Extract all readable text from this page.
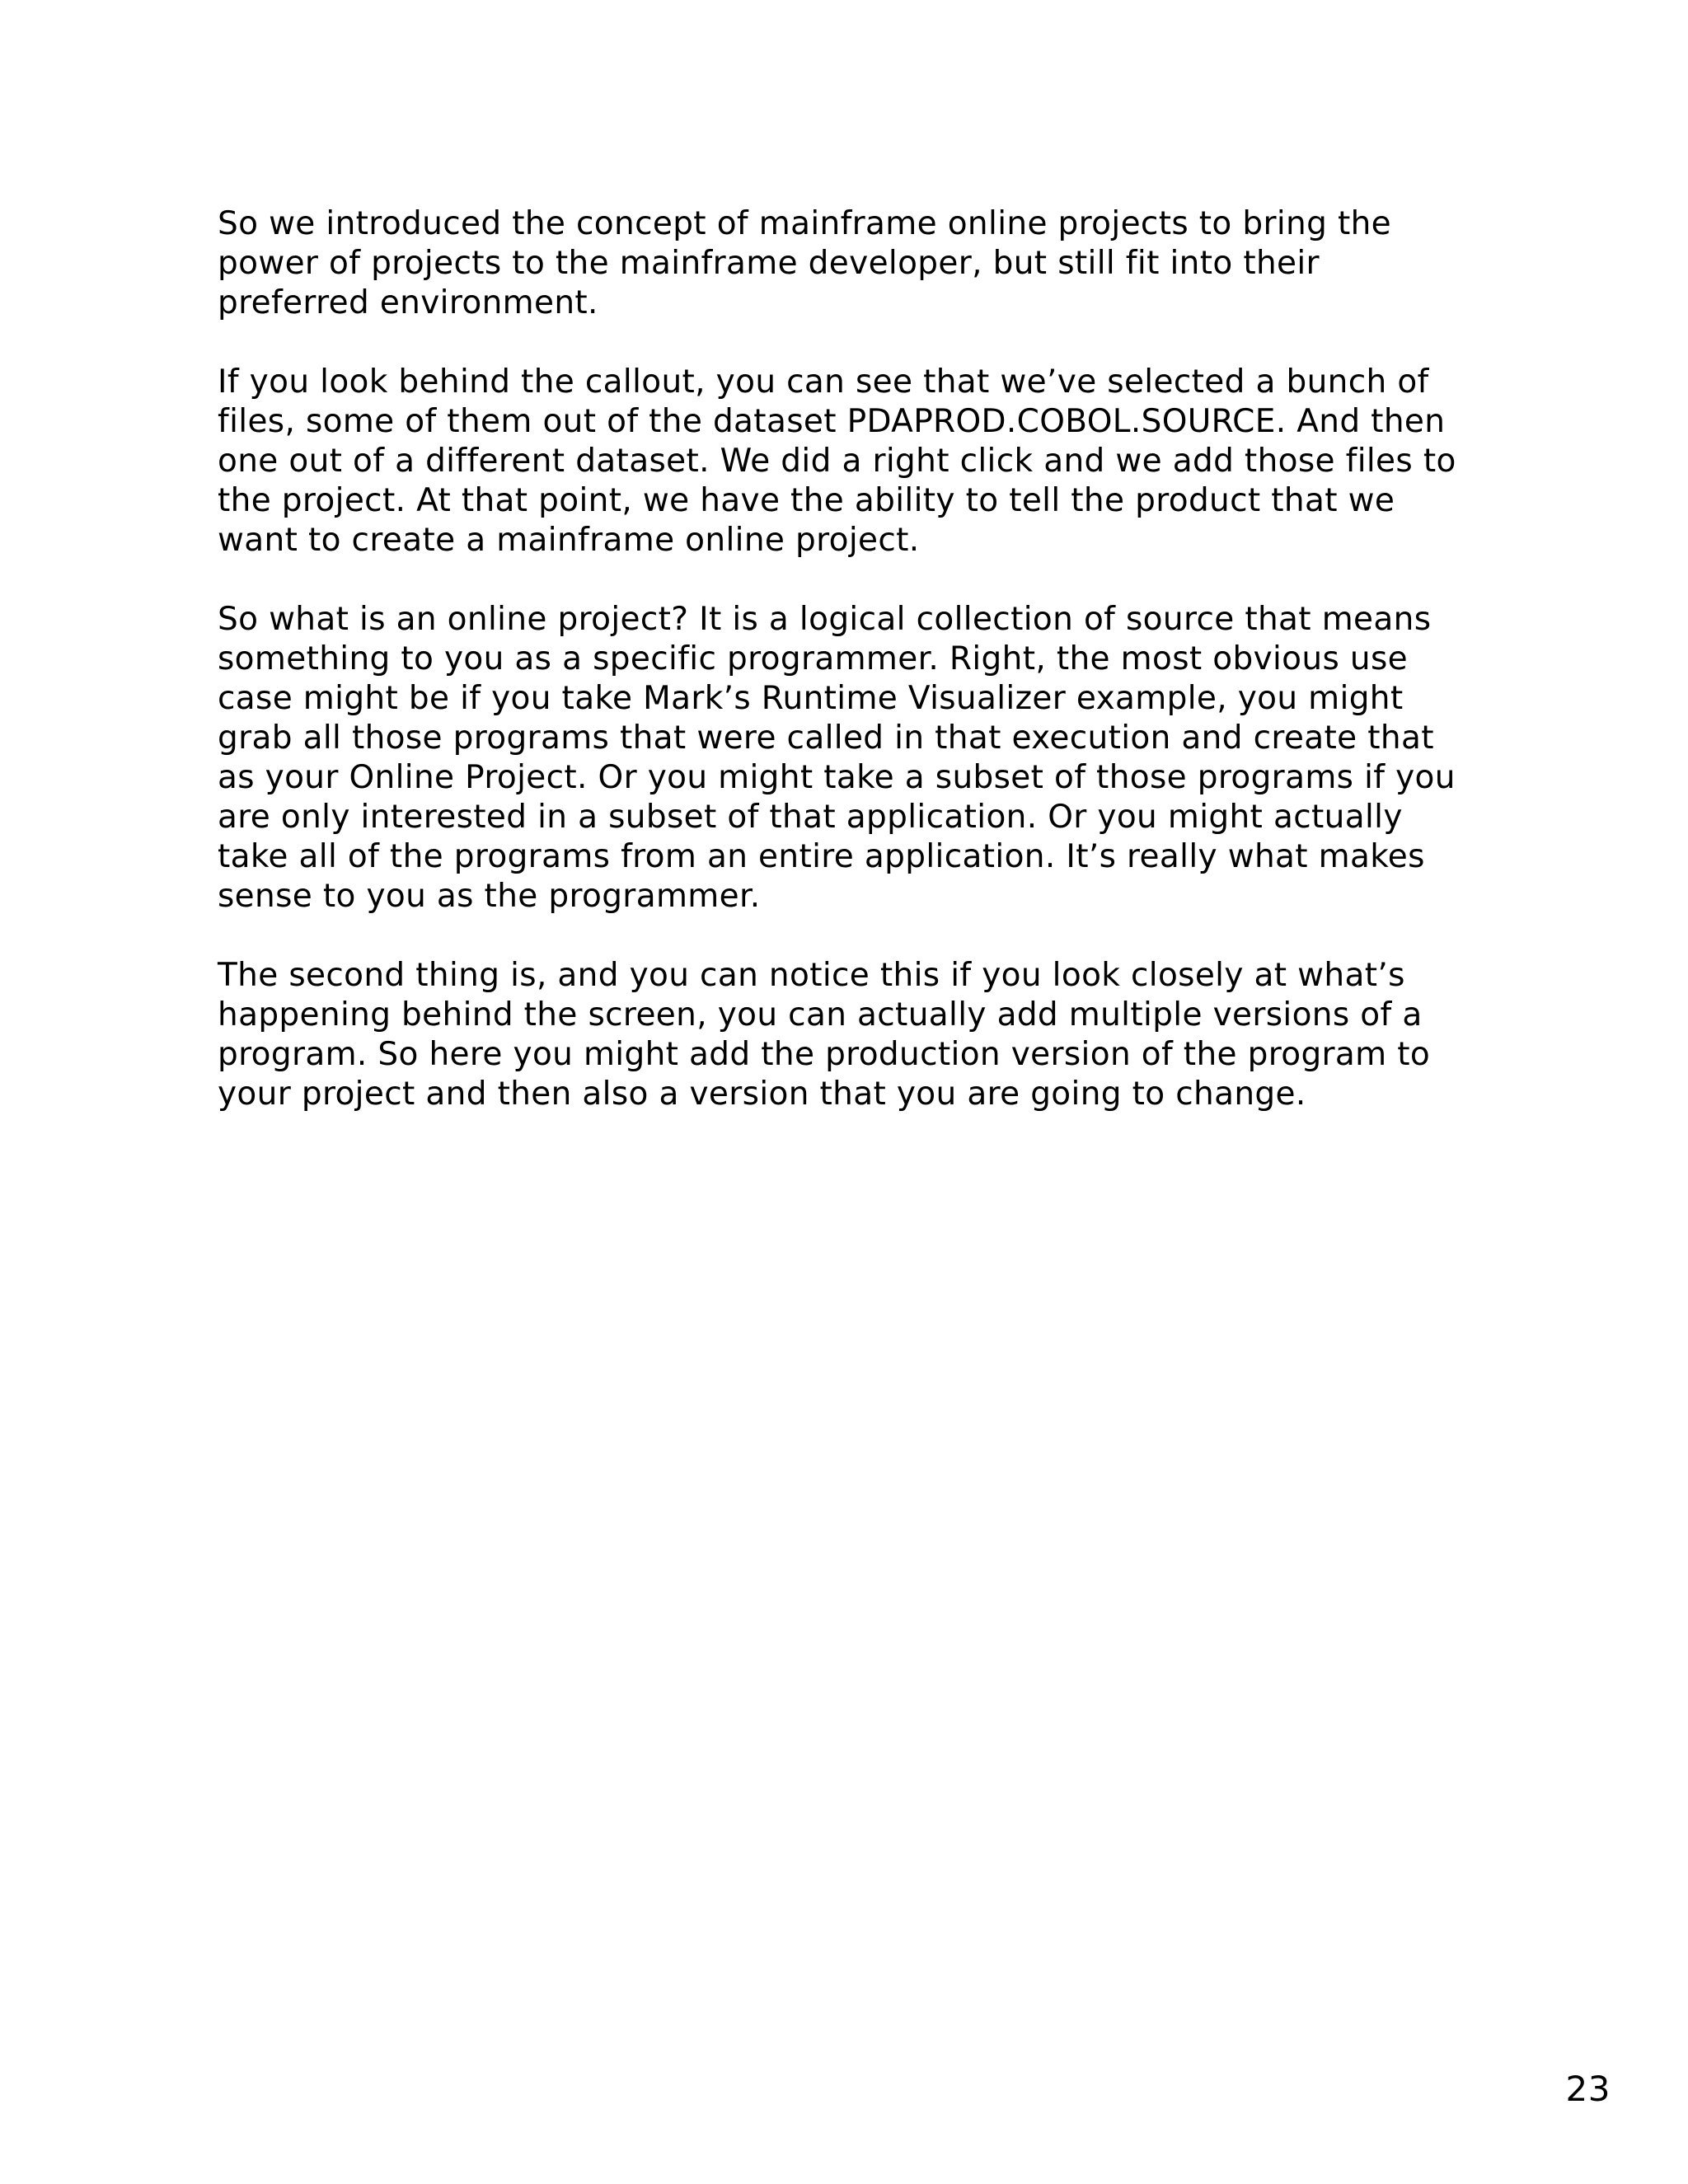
So we introduced the concept of mainframe online projects to bring the power of projects to the mainframe developer, but still fit into their preferred environment.

If you look behind the callout, you can see that we’ve selected a bunch of files, some of them out of the dataset PDAPROD.COBOL.SOURCE. And then one out of a different dataset. We did a right click and we add those files to the project. At that point, we have the ability to tell the product that we want to create a mainframe online project.

So what is an online project? It is a logical collection of source that means something to you as a specific programmer. Right, the most obvious use case might be if you take Mark’s Runtime Visualizer example, you might grab all those programs that were called in that execution and create that as your Online Project. Or you might take a subset of those programs if you are only interested in a subset of that application. Or you might actually take all of the programs from an entire application. It’s really what makes sense to you as the programmer.

The second thing is, and you can notice this if you look closely at what’s happening behind the screen, you can actually add multiple versions of a program. So here you might add the production version of the program to your project and then also a version that you are going to change.

23
